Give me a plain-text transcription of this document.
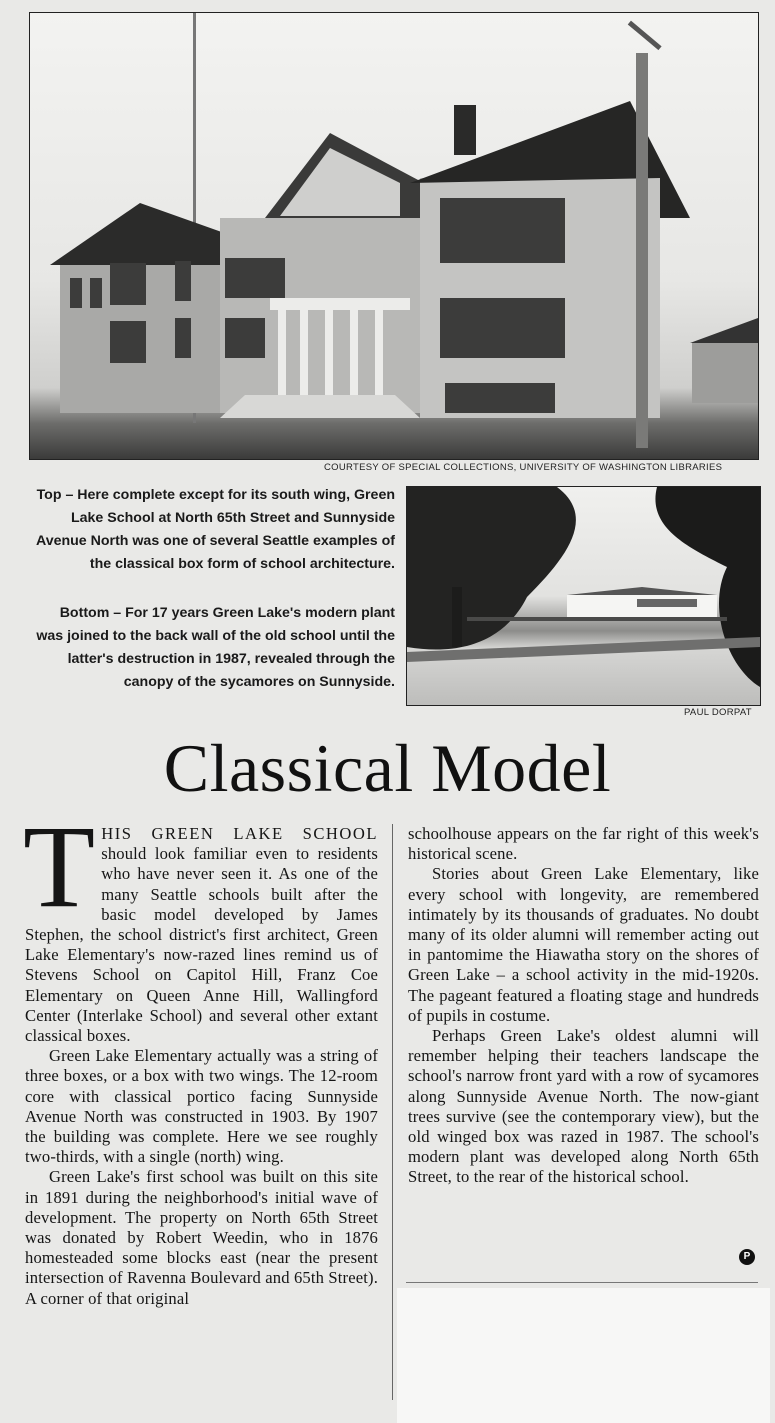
COURTESY OF SPECIAL COLLECTIONS, UNIVERSITY OF WASHINGTON LIBRARIES
Top – Here complete except for its south wing, Green Lake School at North 65th Street and Sunnyside Avenue North was one of several Seattle examples of the classical box form of school architecture.
Bottom – For 17 years Green Lake's modern plant was joined to the back wall of the old school until the latter's destruction in 1987, revealed through the canopy of the sycamores on Sunnyside.
PAUL DORPAT
Classical Model

THIS GREEN LAKE SCHOOL should look familiar even to residents who have never seen it. As one of the many Seattle schools built after the basic model developed by James Stephen, the school district's first architect, Green Lake Elementary's now-razed lines remind us of Stevens School on Capitol Hill, Franz Coe Elementary on Queen Anne Hill, Wallingford Center (Interlake School) and several other extant classical boxes.

Green Lake Elementary actually was a string of three boxes, or a box with two wings. The 12-room core with classical portico facing Sunnyside Avenue North was constructed in 1903. By 1907 the building was complete. Here we see roughly two-thirds, with a single (north) wing.

Green Lake's first school was built on this site in 1891 during the neighborhood's initial wave of development. The property on North 65th Street was donated by Robert Weedin, who in 1876 homesteaded some blocks east (near the present intersection of Ravenna Boulevard and 65th Street). A corner of that original

schoolhouse appears on the far right of this week's historical scene.

Stories about Green Lake Elementary, like every school with longevity, are remembered intimately by its thousands of graduates. No doubt many of its older alumni will remember acting out in pantomime the Hiawatha story on the shores of Green Lake – a school activity in the mid-1920s. The pageant featured a floating stage and hundreds of pupils in costume.

Perhaps Green Lake's oldest alumni will remember helping their teachers landscape the school's narrow front yard with a row of sycamores along Sunnyside Avenue North. The now-giant trees survive (see the contemporary view), but the old winged box was razed in 1987. The school's modern plant was developed along North 65th Street, to the rear of the historical school.

P
